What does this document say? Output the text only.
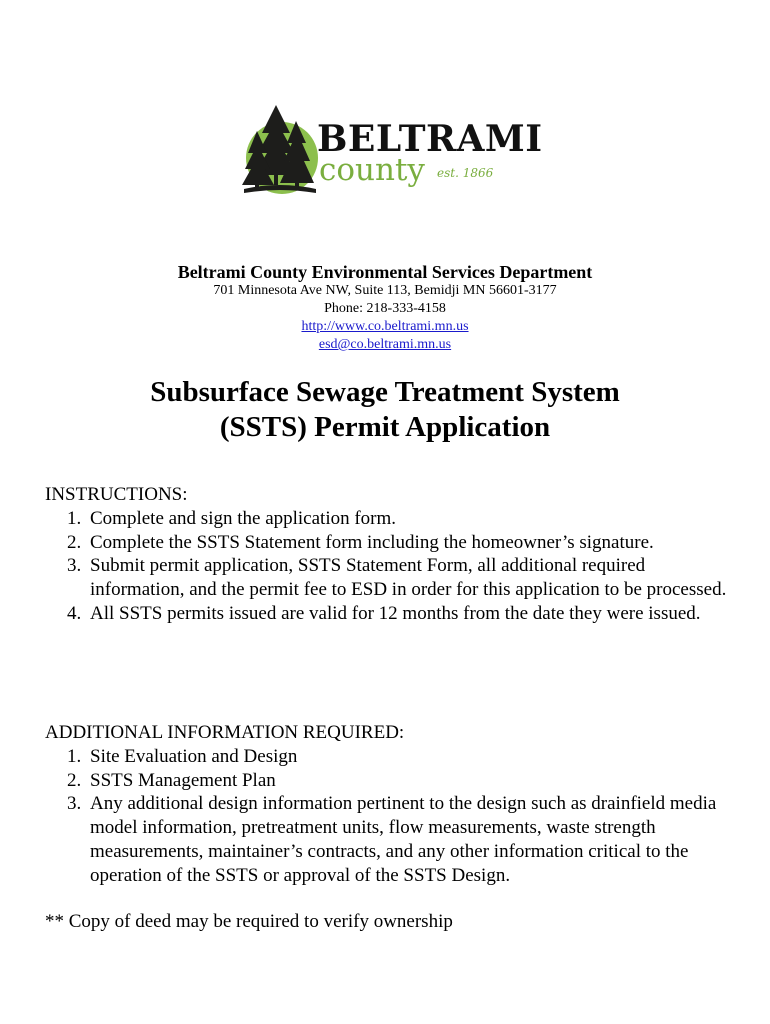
BELTRAMI
county est. 1866

Beltrami County Environmental Services Department

701 Minnesota Ave NW, Suite 113, Bemidji MN 56601-3177

Phone: 218-333-4158

http://www.co.beltrami.mn.us

esd@co.beltrami.mn.us

Subsurface Sewage Treatment System
(SSTS) Permit Application

INSTRUCTIONS:

1. Complete and sign the application form.
2. Complete the SSTS Statement form including the homeowner’s signature.
3. Submit permit application, SSTS Statement Form, all additional required information, and the permit fee to ESD in order for this application to be processed.
4. All SSTS permits issued are valid for 12 months from the date they were issued.

ADDITIONAL INFORMATION REQUIRED:

1. Site Evaluation and Design
2. SSTS Management Plan
3. Any additional design information pertinent to the design such as drainfield media model information, pretreatment units, flow measurements, waste strength measurements, maintainer’s contracts, and any other information critical to the operation of the SSTS or approval of the SSTS Design.
** Copy of deed may be required to verify ownership
